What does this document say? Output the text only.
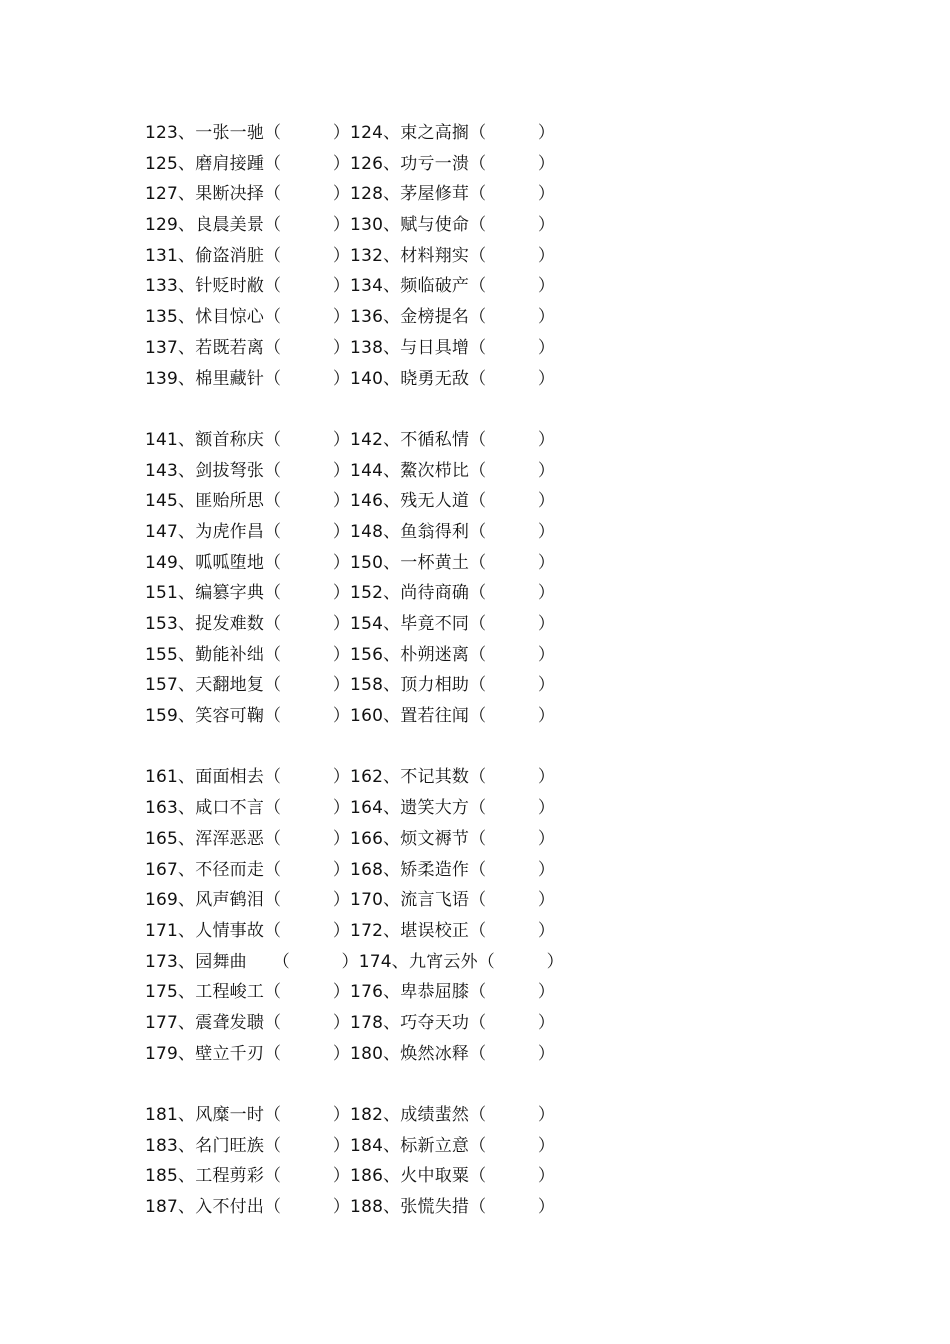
123、一张一驰（　　　）124、束之高搁（　　　）
125、磨肩接踵（　　　）126、功亏一溃（　　　）
127、果断决择（　　　）128、茅屋修茸（　　　）
129、良晨美景（　　　）130、赋与使命（　　　）
131、偷盗消脏（　　　）132、材料翔实（　　　）
133、针贬时敝（　　　）134、频临破产（　　　）
135、怵目惊心（　　　）136、金榜提名（　　　）
137、若既若离（　　　）138、与日具增（　　　）
139、棉里藏针（　　　）140、晓勇无敌（　　　）
141、额首称庆（　　　）142、不循私情（　　　）
143、剑拔弩张（　　　）144、鰲次栉比（　　　）
145、匪贻所思（　　　）146、残无人道（　　　）
147、为虎作昌（　　　）148、鱼翁得利（　　　）
149、呱呱堕地（　　　）150、一杯黄土（　　　）
151、编篡字典（　　　）152、尚待商确（　　　）
153、捉发难数（　　　）154、毕竟不同（　　　）
155、勤能补绌（　　　）156、朴朔迷离（　　　）
157、天翻地复（　　　）158、顶力相助（　　　）
159、笑容可鞠（　　　）160、置若往闻（　　　）
161、面面相去（　　　）162、不记其数（　　　）
163、咸口不言（　　　）164、遗笑大方（　　　）
165、浑浑恶恶（　　　）166、烦文褥节（　　　）
167、不径而走（　　　）168、矫柔造作（　　　）
169、风声鹤泪（　　　）170、流言飞语（　　　）
171、人情事故（　　　）172、堪误校正（　　　）
173、园舞曲　　（　　　）174、九宵云外（　　　）
175、工程峻工（　　　）176、卑恭屈膝（　　　）
177、震聋发聩（　　　）178、巧夺天功（　　　）
179、壁立千刃（　　　）180、焕然冰释（　　　）
181、风糜一时（　　　）182、成绩蜚然（　　　）
183、名门旺族（　　　）184、标新立意（　　　）
185、工程剪彩（　　　）186、火中取粟（　　　）
187、入不付出（　　　）188、张慌失措（　　　）
